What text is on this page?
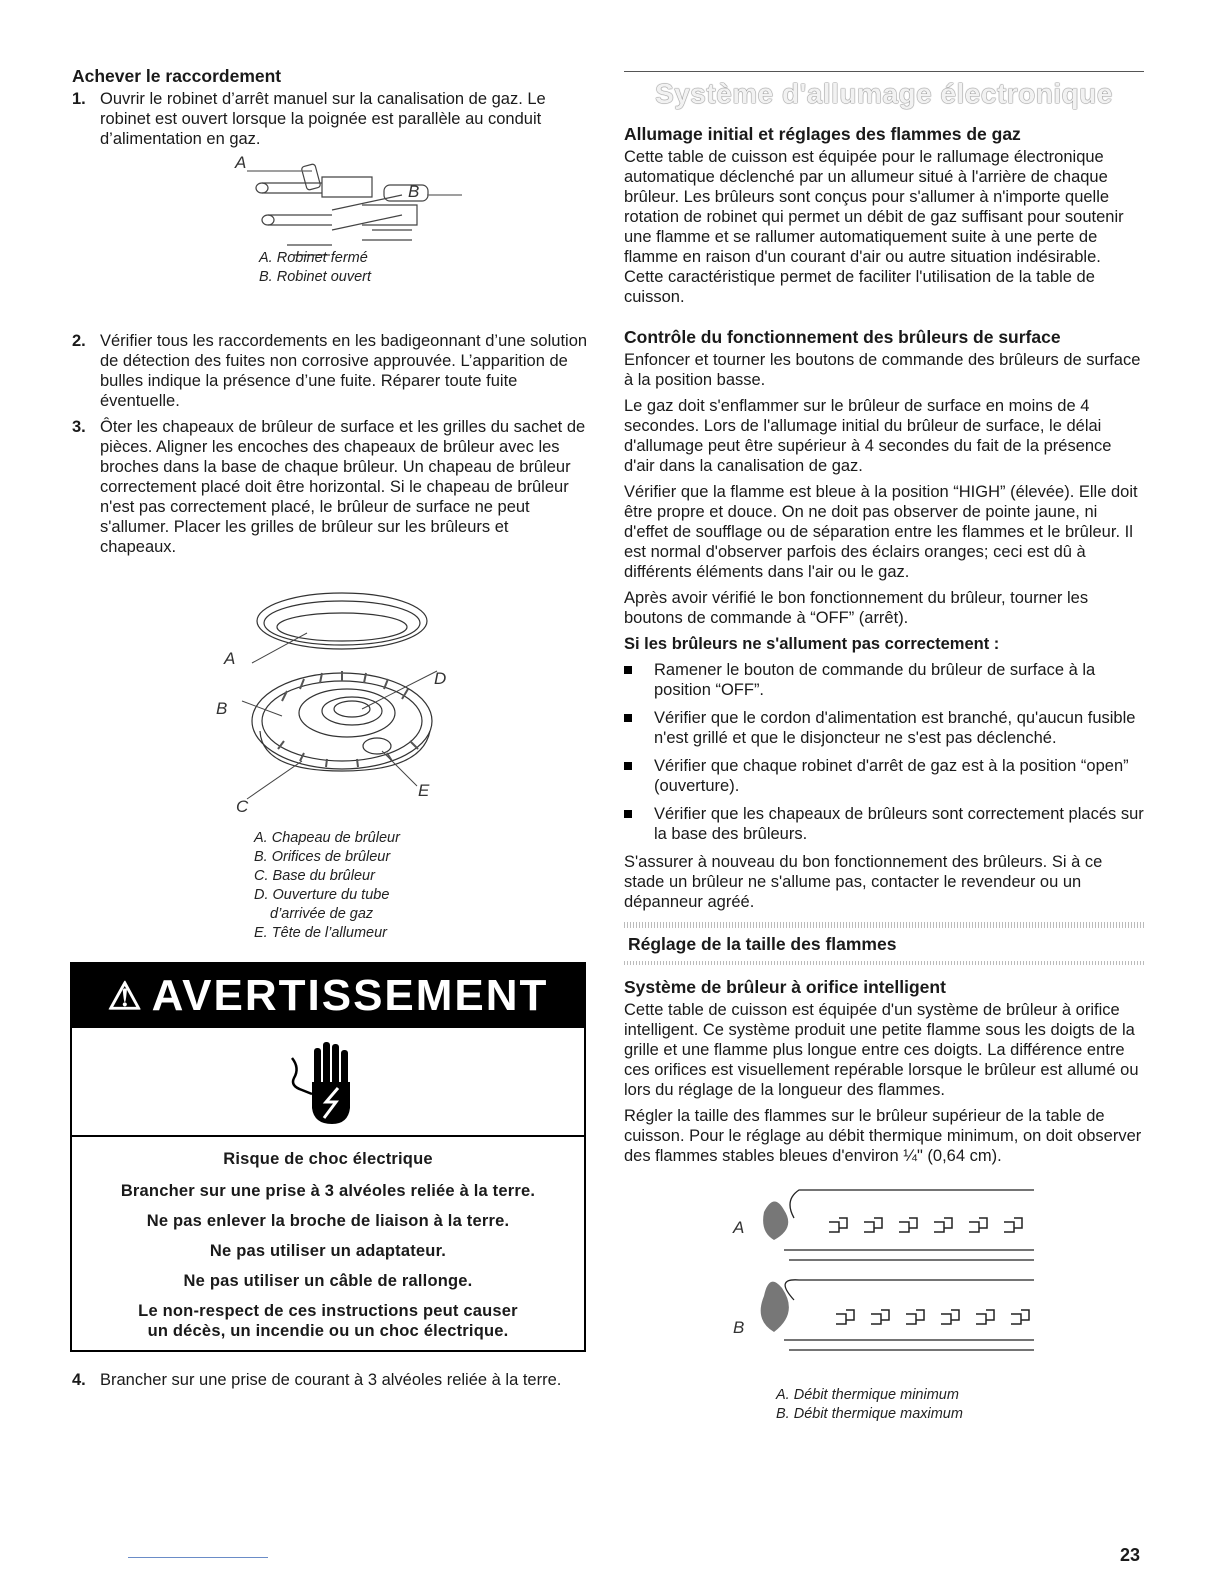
Achever le raccordement
1. Ouvrir le robinet d’arrêt manuel sur la canalisation de gaz. Le robinet est ouvert lorsque la poignée est parallèle au conduit d’alimentation en gaz.
A
B
A. Robinet fermé
B. Robinet ouvert
2. Vérifier tous les raccordements en les badigeonnant d’une solution de détection des fuites non corrosive approuvée. L’apparition de bulles indique la présence d’une fuite. Réparer toute fuite éventuelle.
3. Ôter les chapeaux de brûleur de surface et les grilles du sachet de pièces. Aligner les encoches des chapeaux de brûleur avec les broches dans la base de chaque brûleur. Un chapeau de brûleur correctement placé doit être horizontal. Si le chapeau de brûleur n'est pas correctement placé, le brûleur de surface ne peut s'allumer. Placer les grilles de brûleur sur les brûleurs et chapeaux.
A
B
C
D
E
A. Chapeau de brûleur
B. Orifices de brûleur
C. Base du brûleur
D. Ouverture du tube
d’arrivée de gaz
E. Tête de l’allumeur
⚠ AVERTISSEMENT
Risque de choc électrique
Brancher sur une prise à 3 alvéoles reliée à la terre.
Ne pas enlever la broche de liaison à la terre.
Ne pas utiliser un adaptateur.
Ne pas utiliser un câble de rallonge.
Le non-respect de ces instructions peut causer
un décès, un incendie ou un choc électrique.
4. Brancher sur une prise de courant à 3 alvéoles reliée à la terre.
Système d'allumage électronique
Allumage initial et réglages des flammes de gaz

Cette table de cuisson est équipée pour le rallumage électronique automatique déclenché par un allumeur situé à l'arrière de chaque brûleur. Les brûleurs sont conçus pour s'allumer à n'importe quelle rotation de robinet qui permet un débit de gaz suffisant pour soutenir une flamme et se rallumer automatiquement suite à une perte de flamme en raison d'un courant d'air ou autre situation indésirable. Cette caractéristique permet de faciliter l'utilisation de la table de cuisson.

Contrôle du fonctionnement des brûleurs de surface

Enfoncer et tourner les boutons de commande des brûleurs de surface à la position basse.

Le gaz doit s'enflammer sur le brûleur de surface en moins de 4 secondes. Lors de l'allumage initial du brûleur de surface, le délai d'allumage peut être supérieur à 4 secondes du fait de la présence d'air dans la canalisation de gaz.

Vérifier que la flamme est bleue à la position “HIGH” (élevée). Elle doit être propre et douce. On ne doit pas observer de pointe jaune, ni d'effet de soufflage ou de séparation entre les flammes et le brûleur. Il est normal d'observer parfois des éclairs oranges; ceci est dû à différents éléments dans l'air ou le gaz.

Après avoir vérifié le bon fonctionnement du brûleur, tourner les boutons de commande à “OFF” (arrêt).

Si les brûleurs ne s'allument pas correctement :

Ramener le bouton de commande du brûleur de surface à la position “OFF”.
Vérifier que le cordon d'alimentation est branché, qu'aucun fusible n'est grillé et que le disjoncteur ne s'est pas déclenché.
Vérifier que chaque robinet d'arrêt de gaz est à la position “open” (ouverture).
Vérifier que les chapeaux de brûleurs sont correctement placés sur la base des brûleurs.

S'assurer à nouveau du bon fonctionnement des brûleurs. Si à ce stade un brûleur ne s'allume pas, contacter le revendeur ou un dépanneur agréé.

Réglage de la taille des flammes
Système de brûleur à orifice intelligent

Cette table de cuisson est équipée d'un système de brûleur à orifice intelligent. Ce système produit une petite flamme sous les doigts de la grille et une flamme plus longue entre ces doigts. La différence entre ces orifices est visuellement repérable lorsque le brûleur est allumé ou lors du réglage de la longueur des flammes.

Régler la taille des flammes sur le brûleur supérieur de la table de cuisson. Pour le réglage au débit thermique minimum, on doit observer des flammes stables bleues d'environ ¼" (0,64 cm).

A
B
A. Débit thermique minimum
B. Débit thermique maximum
23
